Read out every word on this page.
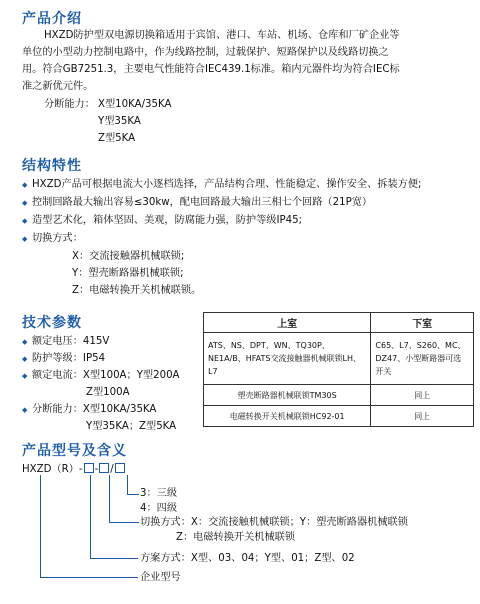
产品介绍
HXZD防护型双电源切换箱适用于宾馆、港口、车站、机场、仓库和厂矿企业等
单位的小型动力控制电路中，作为线路控制，过载保护、短路保护以及线路切换之
用。符合GB7251.3，主要电气性能符合IEC439.1标准。箱内元器件均为符合IEC标
准之新优元件。
分断能力： X型10KA/35KA
Y型35KA
Z型5KA
结构特性
◆ HXZD产品可根据电流大小逐档选择，产品结构合理、性能稳定、操作安全、拆装方便;
◆ 控制回路最大输出容易≤30kw，配电回路最大输出三相七个回路（21P宽）
◆ 造型艺术化，箱体坚固、美观，防腐能力强，防护等级IP45;
◆ 切换方式：
X：交流接触器机械联锁;
Y：塑壳断路器机械联锁;
Z：电磁转换开关机械联锁。
技术参数
◆ 额定电压：415V
◆ 防护等级：IP54
◆ 额定电流：X型100A；Y型200A
Z型100A
◆ 分断能力：X型10KA/35KA
Y型35KA；Z型5KA
上室	下室
ATS、NS、DPT、WN、TQ30P、NE1A/B、HFATS交流接触器机械联锁LH、L7	C65、L7、S260、MC、DZ47、小型断路器可选开关
塑壳断路器机械联锁TM30S	同上
电磁转换开关机械联锁HC92-01	同上
产品型号及含义
HXZD（R）- - /
3：三级
4：四级
切换方式：X：交流接触机械联锁；Y：塑壳断路器机械联锁
Z：电磁转换开关机械联锁
方案方式：X型、03、04；Y型、01；Z型、02
企业型号
